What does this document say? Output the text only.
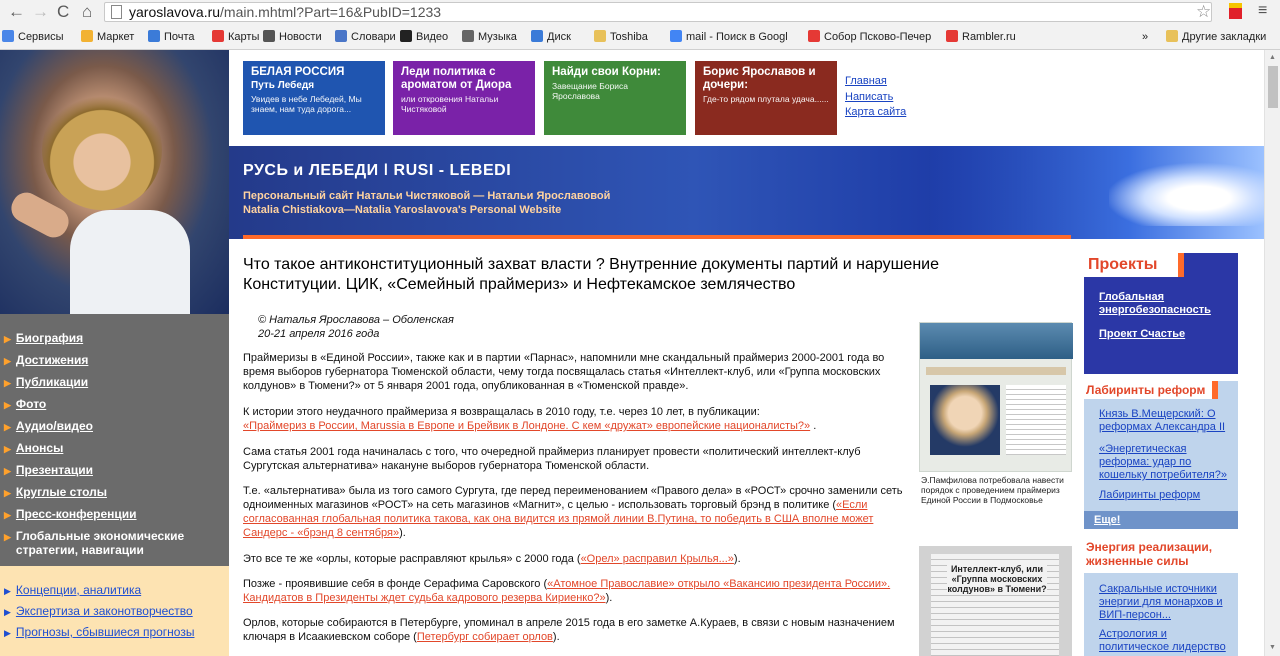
← → C ⌂	yaroslavova.ru/main.mhtml?Part=16&PubID=1233	☆	≡
Сервисы	Маркет	Почта	Карты	Новости	Словари	Видео	Музыка	Диск	Toshiba	mail - Поиск в Googl	Собор Псково-Печер	Rambler.ru	»	Другие закладки
▶ Биография
▶ Достижения
▶ Публикации
▶ Фото
▶ Аудио/видео
▶ Анонсы
▶ Презентации
▶ Круглые столы
▶ Пресс-конференции
▶ Глобальные экономические стратегии, навигации
▶ Концепции, аналитика
▶ Экспертиза и законотворчество
▶ Прогнозы, сбывшиеся прогнозы
БЕЛАЯ РОССИЯ
Путь Лебедя
Увидев в небе Лебедей, Мы знаем, нам туда дорога...
Леди политика с ароматом от Диора
или откровения Натальи Чистяковой
Найди свои Корни:
Завещание Бориса Ярославова
Борис Ярославов и дочери:
Где-то рядом плутала удача......
Главная
Написать
Карта сайта
РУСЬ и ЛЕБЕДИ ǀ RUSI - LEBEDI
Персональный сайт Натальи Чистяковой — Натальи Ярославовой
Natalia Chistiakova—Natalia Yaroslavova's Personal Website
Что такое антиконституционный захват власти ? Внутренние документы партий и нарушение Конституции. ЦИК, «Семейный праймериз» и Нефтекамское землячество
© Наталья Ярославова – Оболенская
20-21 апреля 2016 года
Праймеризы в «Единой России», также как и в партии «Парнас», напомнили мне скандальный праймериз 2000-2001 года во время выборов губернатора Тюменской области, чему тогда посвящалась статья «Интеллект-клуб, или «Группа московских колдунов» в Тюмени?» от 5 января 2001 года, опубликованная в «Тюменской правде».
К истории этого неудачного праймериза я возвращалась в 2010 году, т.е. через 10 лет, в публикации:
«Праймериз в России, Marussia в Европе и Брейвик в Лондоне. С кем «дружат» европейские националисты?» .
Сама статья 2001 года начиналась с того, что очередной праймериз планирует провести «политический интеллект-клуб Сургутская альтернатива» накануне выборов губернатора Тюменской области.
Т.е. «альтернатива» была из того самого Сургута, где перед переименованием «Правого дела» в «РОСТ» срочно заменили сеть одноименных магазинов «РОСТ» на сеть магазинов «Магнит», с целью - использовать торговый брэнд в политике («Если согласованная глобальная политика такова, как она видится из прямой линии В.Путина, то победить в США вполне может Сандерс - «брэнд 8 сентября»).
Это все те же «орлы, которые расправляют крылья» с 2000 года («Орел» расправил Крылья...»).
Позже - проявившие себя в фонде Серафима Саровского («Атомное Православие» открыло «Вакансию президента России». Кандидатов в Президенты ждет судьба кадрового резерва Кириенко?»).
Орлов, которые собираются в Петербурге, упоминал в апреле 2015 года в его заметке А.Кураев, в связи с новым назначением ключаря в Исаакиевском соборе (Петербург собирает орлов).
Э.Памфилова потребовала навести порядок с проведением праймериз Единой России в Подмосковье
Интеллект-клуб, или «Группа московских колдунов» в Тюмени?
Проекты
Глобальная энергобезопасность
Проект Счастье
Лабиринты реформ
Князь В.Мещерский: О реформах Александра II
«Энергетическая реформа: удар по кошельку потребителя?»
Лабиринты реформ
Еще!
Энергия реализации, жизненные силы
Сакральные источники энергии для монархов и ВИП-персон...
Астрология и политическое лидерство
▲
▼
